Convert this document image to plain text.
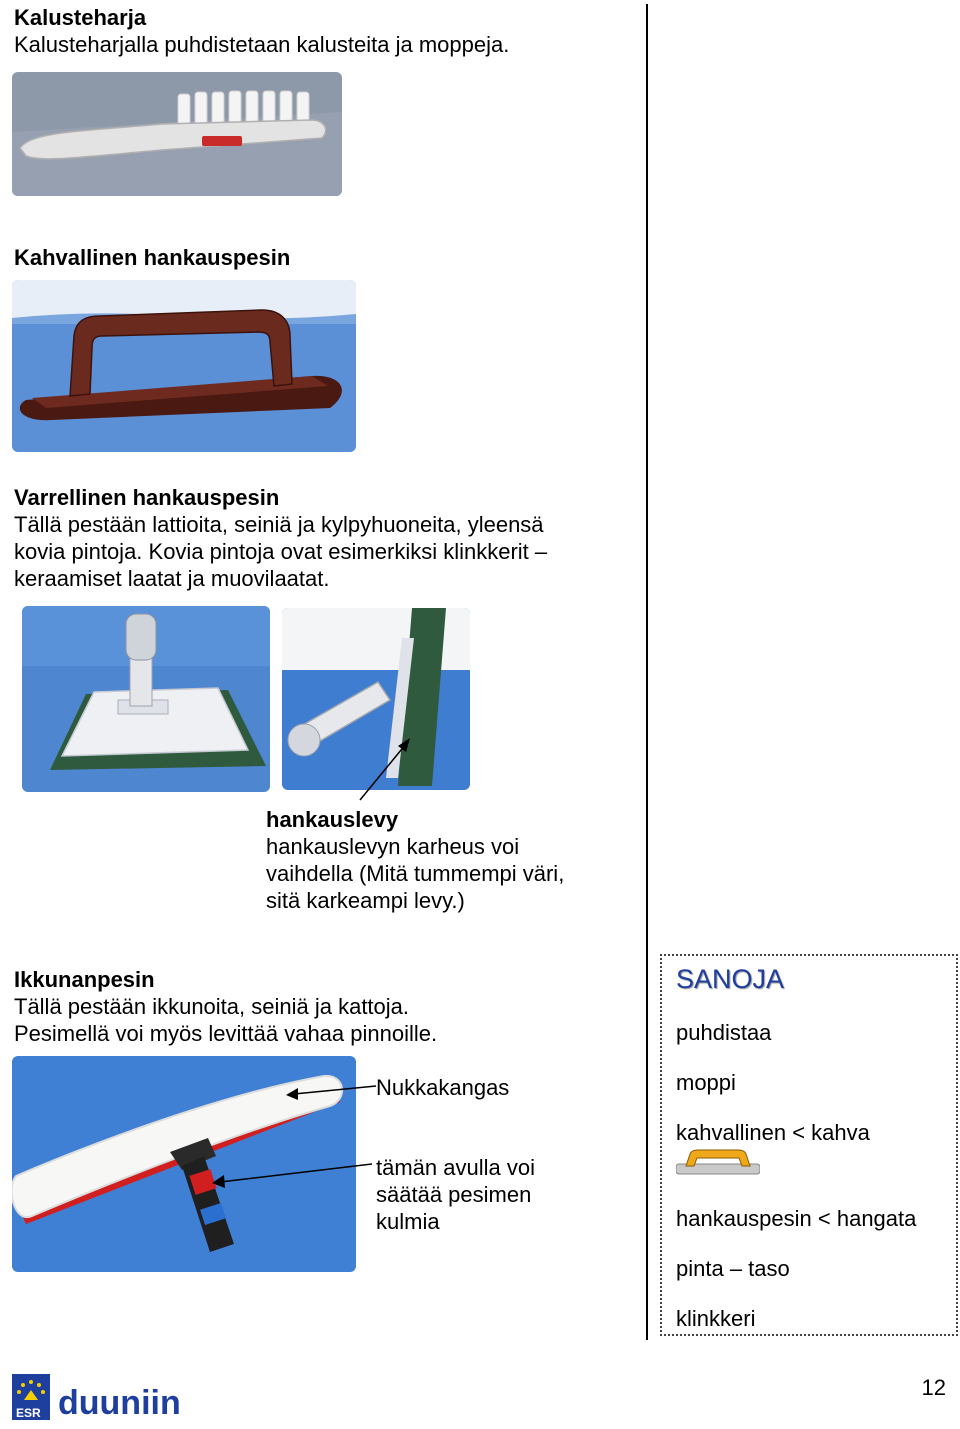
Kalusteharja
Kalusteharjalla puhdistetaan kalusteita ja moppeja.
Kahvallinen hankauspesin
Varrellinen hankauspesin
Tällä pestään lattioita, seiniä ja kylpyhuoneita, yleensä
kovia pintoja. Kovia pintoja ovat esimerkiksi klinkkerit –
keraamiset laatat ja muovilaatat.
hankauslevy
hankauslevyn karheus voi
vaihdella (Mitä tummempi väri,
sitä karkeampi levy.)
Ikkunanpesin
Tällä pestään ikkunoita, seiniä ja kattoja.
Pesimellä voi myös levittää vahaa pinnoille.
Nukkakangas
tämän avulla voi
säätää pesimen
kulmia
SANOJA
puhdistaa
moppi
kahvallinen < kahva
hankauspesin < hangata
pinta – taso
klinkkeri
ESR duuniin	12
